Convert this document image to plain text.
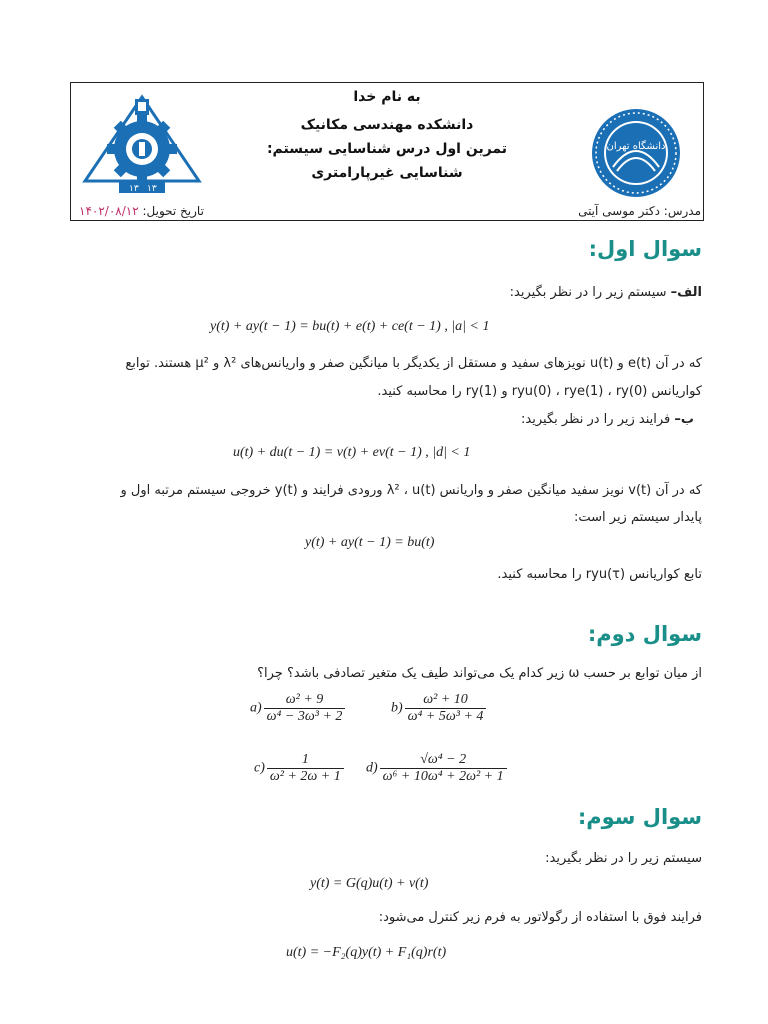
۱۳ ۱۳
به نام خدا
دانشکده مهندسی مکانیک
تمرین اول درس شناسایی سیستم:
شناسایی غیرپارامتری
دانشگاه تهران
مدرس: دکتر موسی آیتی
تاریخ تحویل: ۱۴۰۲/۰۸/۱۲
سوال اول:
الف– سیستم زیر را در نظر بگیرید:
y(t) + ay(t − 1) = bu(t) + e(t) + ce(t − 1) , |a| < 1
که در آن e(t) و u(t) نویزهای سفید و مستقل از یکدیگر با میانگین صفر و واریانس‌های λ² و μ² هستند. توابع
کواریانس ryu(0) ، rye(1) ، ry(0) و ry(1) را محاسبه کنید.
ب– فرایند زیر را در نظر بگیرید:
u(t) + du(t − 1) = v(t) + ev(t − 1) , |d| < 1
که در آن v(t) نویز سفید میانگین صفر و واریانس λ² ، u(t) ورودی فرایند و y(t) خروجی سیستم مرتبه اول و
پایدار سیستم زیر است:
y(t) + ay(t − 1) = bu(t)
تابع کواریانس ryu(τ) را محاسبه کنید.
سوال دوم:
از میان توابع بر حسب ω زیر کدام یک می‌تواند طیف یک متغیر تصادفی باشد؟ چرا؟
$a) \frac{\text{ω² + 9}}{\text{ω⁴ − 3ω³ + 2}}$	$b) \frac{\text{ω² + 10}}{\text{ω⁴ + 5ω³ + 4}}$
$c) \frac{1}{\text{ω² + 2ω + 1}} d) \frac{\text{√ω⁴ − 2}}{\text{ω⁶ + 10ω⁴ + 2ω² + 1}}$
سوال سوم:
سیستم زیر را در نظر بگیرید:
y(t) = G(q)u(t) + v(t)
فرایند فوق با استفاده از رگولاتور به فرم زیر کنترل می‌شود:
u(t) = −F₂(q)y(t) + F₁(q)r(t)
